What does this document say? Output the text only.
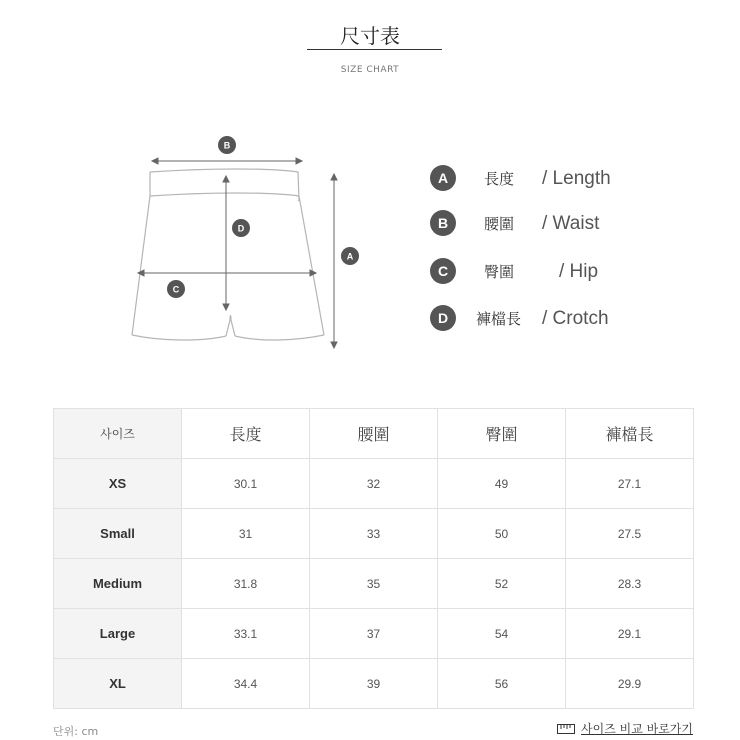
尺寸表
SIZE CHART
B
D
C
A
A	長度 / Length
B	腰圍 / Waist
C	臀圍 / Hip
D	褲檔長 / Crotch
사이즈	長度	腰圍	臀圍	褲檔長
XS	30.1	32	49	27.1
Small	31	33	50	27.5
Medium	31.8	35	52	28.3
Large	33.1	37	54	29.1
XL	34.4	39	56	29.9
단위: cm	사이즈 비교 바로가기
